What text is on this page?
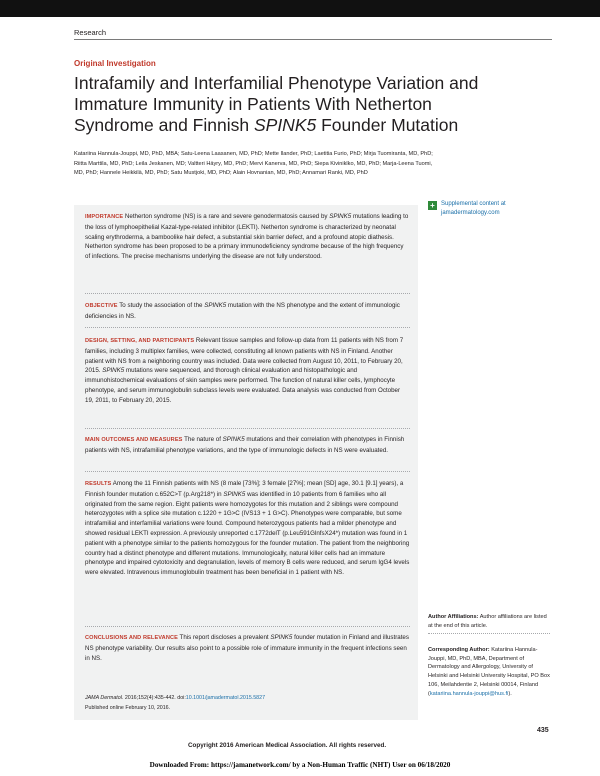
Research
Original Investigation
Intrafamily and Interfamilial Phenotype Variation and Immature Immunity in Patients With Netherton Syndrome and Finnish SPINK5 Founder Mutation
Katariina Hannula-Jouppi, MD, PhD, MBA; Satu-Leena Laasanen, MD, PhD; Mette Ilander, PhD; Laetitia Furio, PhD; Mirja Tuomiranta, MD, PhD; Riitta Marttila, MD, PhD; Leila Jeskanen, MD; Valtteri Häyry, MD, PhD; Mervi Kanerva, MD, PhD; Siepa Kiviniklko, MD, PhD; Marja-Leena Tuomi, MD, PhD; Hannele Heikkilä, MD, PhD; Satu Mustjoki, MD, PhD; Alain Hovnanian, MD, PhD; Annamari Ranki, MD, PhD
+	Supplemental content at jamadermatology.com

IMPORTANCE Netherton syndrome (NS) is a rare and severe genodermatosis caused by SPINK5 mutations leading to the loss of lymphoepithelial Kazal-type-related inhibitor (LEKTI). Netherton syndrome is characterized by neonatal scaling erythroderma, a bamboolike hair defect, a substantial skin barrier defect, and a profound atopic diathesis. Netherton syndrome has been proposed to be a primary immunodeficiency syndrome because of the high frequency of infections. The precise mechanisms underlying the disease are not fully understood.

OBJECTIVE To study the association of the SPINK5 mutation with the NS phenotype and the extent of immunologic deficiencies in NS.

DESIGN, SETTING, AND PARTICIPANTS Relevant tissue samples and follow-up data from 11 patients with NS from 7 families, including 3 multiplex families, were collected, constituting all known patients with NS in Finland. Another patient with NS from a neighboring country was included. Data were collected from August 10, 2011, to February 20, 2015. SPINK5 mutations were sequenced, and thorough clinical evaluation and histopathologic and immunohistochemical evaluations of skin samples were performed. The function of natural killer cells, lymphocyte phenotype, and serum immunoglobulin subclass levels were evaluated. Data analysis was conducted from October 19, 2011, to February 20, 2015.

MAIN OUTCOMES AND MEASURES The nature of SPINK5 mutations and their correlation with phenotypes in Finnish patients with NS, intrafamilial phenotype variations, and the type of immunologic defects in NS were evaluated.

RESULTS Among the 11 Finnish patients with NS (8 male [73%]; 3 female [27%]; mean [SD] age, 30.1 [9.1] years), a Finnish founder mutation c.652C>T (p.Arg218*) in SPINK5 was identified in 10 patients from 6 families who all originated from the same region. Eight patients were homozygotes for this mutation and 2 siblings were compound heterozygotes with a splice site mutation c.1220 + 1G>C (IVS13 + 1 G>C). Phenotypes were comparable, but some intrafamilial and interfamilial variations were found. Compound heterozygous patients had a milder phenotype and showed residual LEKTI expression. A previously unreported c.1772delT (p.Leu591GlnfsX24*) mutation was found in 1 patient with a phenotype similar to the patients homozygous for the founder mutation. The patient from the neighboring country had a distinct phenotype and different mutations. Immunologically, natural killer cells had an immature phenotype and impaired cytotoxicity and degranulation, levels of memory B cells were reduced, and serum IgG4 levels were elevated. Intravenous immunoglobulin treatment has been beneficial in 1 patient with NS.

CONCLUSIONS AND RELEVANCE This report discloses a prevalent SPINK5 founder mutation in Finland and illustrates NS phenotype variability. Our results also point to a possible role of immature immunity in the frequent infections seen in NS.

JAMA Dermatol. 2016;152(4):435-442. doi:10.1001/jamadermatol.2015.5827
Published online February 10, 2016.
Author Affiliations: Author affiliations are listed at the end of this article.
Corresponding Author: Katariina Hannula-Jouppi, MD, PhD, MBA, Department of Dermatology and Allergology, University of Helsinki and Helsinki University Hospital, PO Box 106, Meilahdentie 2, Helsinki 00014, Finland (katariina.hannula-jouppi@hus.fi).
435
Copyright 2016 American Medical Association. All rights reserved.
Downloaded From: https://jamanetwork.com/ by a Non-Human Traffic (NHT) User on 06/18/2020
